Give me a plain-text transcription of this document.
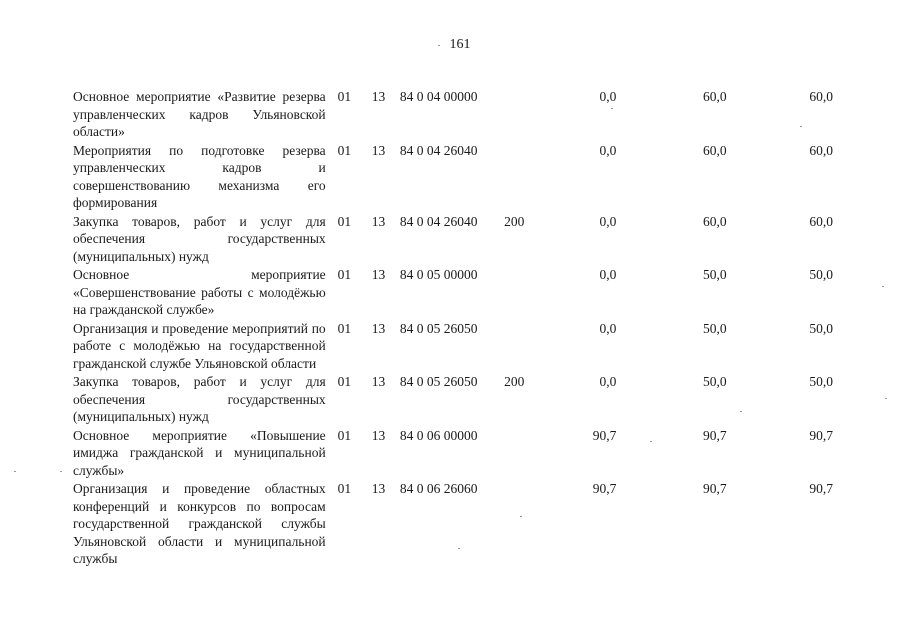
161
Основное мероприятие «Развитие резерва управленческих кадров Ульяновской области»	01	13	84 0 04 00000		0,0	60,0	60,0
Мероприятия по подготовке резерва управленческих кадров и совершенствованию механизма его формирования	01	13	84 0 04 26040		0,0	60,0	60,0
Закупка товаров, работ и услуг для обеспечения государственных (муниципальных) нужд	01	13	84 0 04 26040	200	0,0	60,0	60,0
Основное мероприятие «Совершенствование работы с молодёжью на гражданской службе»	01	13	84 0 05 00000		0,0	50,0	50,0
Организация и проведение мероприятий по работе с молодёжью на государственной гражданской службе Ульяновской области	01	13	84 0 05 26050		0,0	50,0	50,0
Закупка товаров, работ и услуг для обеспечения государственных (муниципальных) нужд	01	13	84 0 05 26050	200	0,0	50,0	50,0
Основное мероприятие «Повышение имиджа гражданской и муниципальной службы»	01	13	84 0 06 00000		90,7	90,7	90,7
Организация и проведение областных конференций и конкурсов по вопросам государственной гражданской службы Ульяновской области и муниципальной службы	01	13	84 0 06 26060		90,7	90,7	90,7
